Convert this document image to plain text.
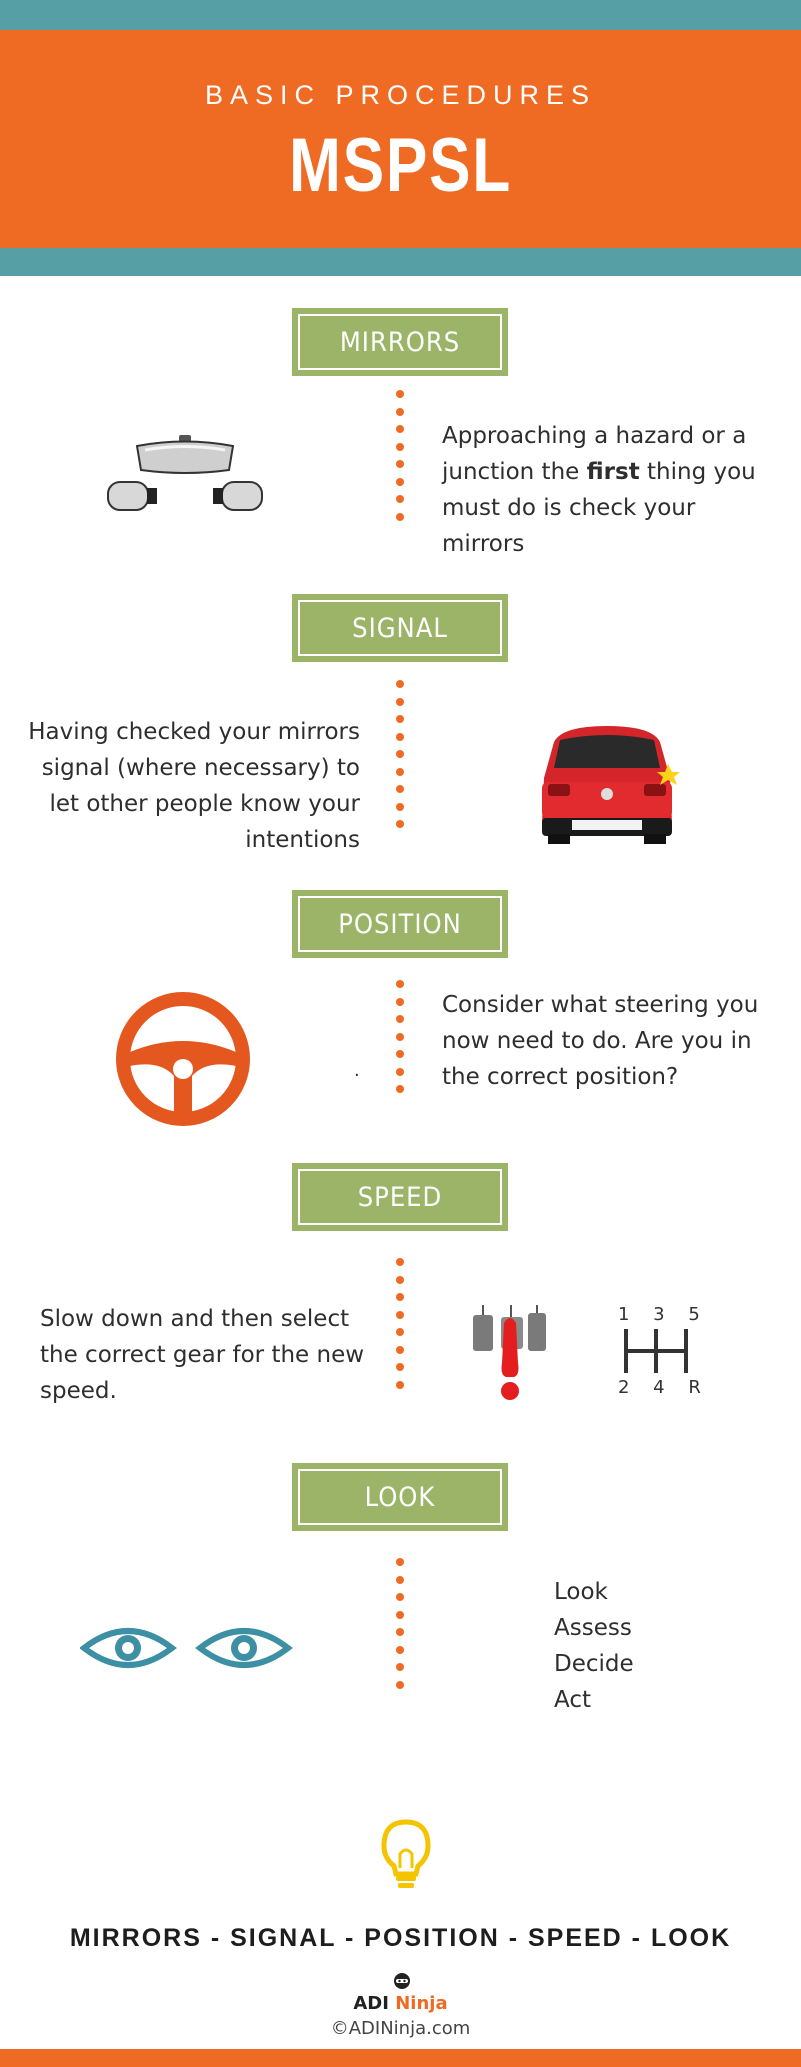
BASIC PROCEDURES
MSPSL
MIRRORS
Approaching a hazard or a
junction the first thing you
must do is check your mirrors
SIGNAL
Having checked your mirrors
signal (where necessary) to
let other people know your
intentions
POSITION
.
Consider what steering you
now need to do. Are you in
the correct position?
SPEED
Slow down and then select
the correct gear for the new
speed.
1 3 5
2 4 R
LOOK
Look
Assess
Decide
Act
MIRRORS - SIGNAL - POSITION - SPEED - LOOK
ADI Ninja
©ADINinja.com
